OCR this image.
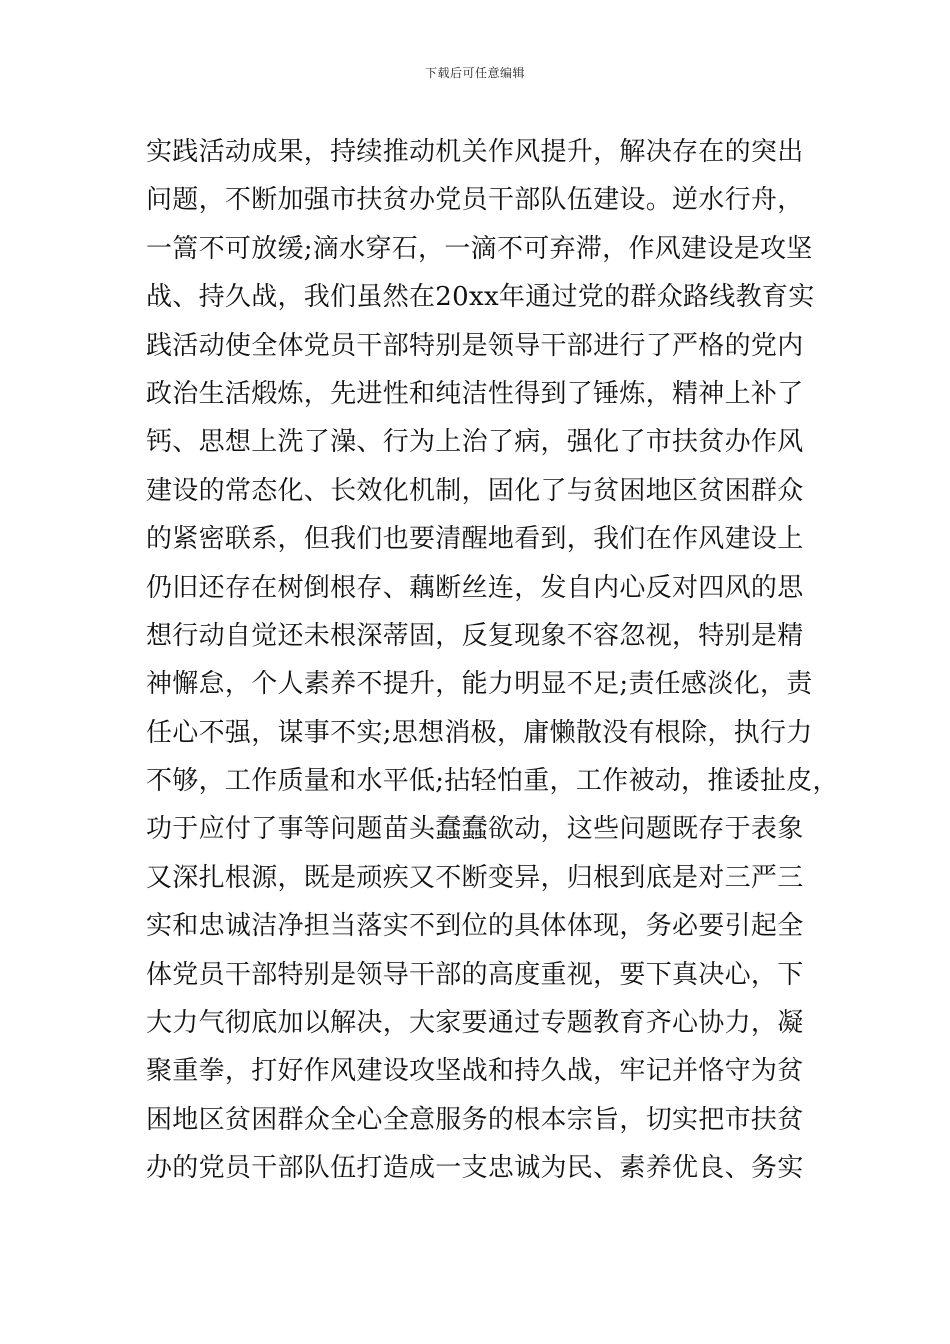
下载后可任意编辑
实践活动成果，持续推动机关作风提升，解决存在的突出
问题，不断加强市扶贫办党员干部队伍建设。逆水行舟，
一篙不可放缓;滴水穿石，一滴不可弃滞，作风建设是攻坚
战、持久战，我们虽然在20xx年通过党的群众路线教育实
践活动使全体党员干部特别是领导干部进行了严格的党内
政治生活煅炼，先进性和纯洁性得到了锤炼，精神上补了
钙、思想上洗了澡、行为上治了病，强化了市扶贫办作风
建设的常态化、长效化机制，固化了与贫困地区贫困群众
的紧密联系，但我们也要清醒地看到，我们在作风建设上
仍旧还存在树倒根存、藕断丝连，发自内心反对四风的思
想行动自觉还未根深蒂固，反复现象不容忽视，特别是精
神懈怠，个人素养不提升，能力明显不足;责任感淡化，责
任心不强，谋事不实;思想消极，庸懒散没有根除，执行力
不够，工作质量和水平低;拈轻怕重，工作被动，推诿扯皮，
功于应付了事等问题苗头蠢蠢欲动，这些问题既存于表象
又深扎根源，既是顽疾又不断变异，归根到底是对三严三
实和忠诚洁净担当落实不到位的具体体现，务必要引起全
体党员干部特别是领导干部的高度重视，要下真决心，下
大力气彻底加以解决，大家要通过专题教育齐心协力，凝
聚重拳，打好作风建设攻坚战和持久战，牢记并恪守为贫
困地区贫困群众全心全意服务的根本宗旨，切实把市扶贫
办的党员干部队伍打造成一支忠诚为民、素养优良、务实
